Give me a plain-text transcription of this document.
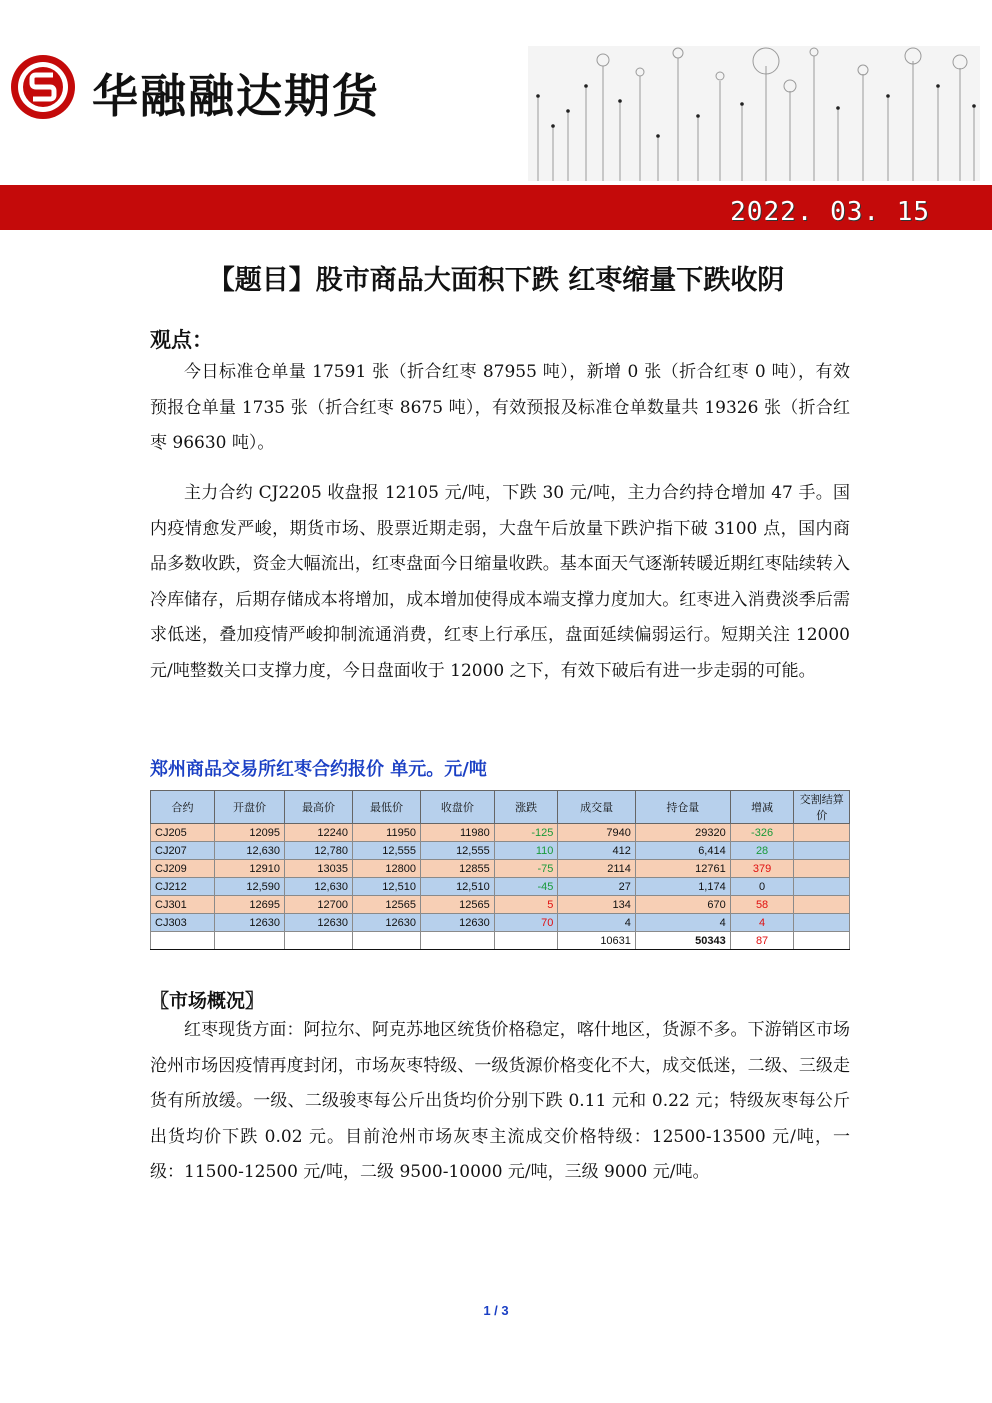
华融融达期货
2022. 03. 15
【题目】股市商品大面积下跌 红枣缩量下跌收阴
观点：

今日标准仓单量 17591 张（折合红枣 87955 吨），新增 0 张（折合红枣 0 吨），有效预报仓单量 1735 张（折合红枣 8675 吨），有效预报及标准仓单数量共 19326 张（折合红枣 96630 吨）。

主力合约 CJ2205 收盘报 12105 元/吨，下跌 30 元/吨，主力合约持仓增加 47 手。国内疫情愈发严峻，期货市场、股票近期走弱，大盘午后放量下跌沪指下破 3100 点，国内商品多数收跌，资金大幅流出，红枣盘面今日缩量收跌。基本面天气逐渐转暖近期红枣陆续转入冷库储存，后期存储成本将增加，成本增加使得成本端支撑力度加大。红枣进入消费淡季后需求低迷，叠加疫情严峻抑制流通消费，红枣上行承压，盘面延续偏弱运行。短期关注 12000 元/吨整数关口支撑力度，今日盘面收于 12000 之下，有效下破后有进一步走弱的可能。

郑州商品交易所红枣合约报价 单元。元/吨
合约	开盘价	最高价	最低价	收盘价	涨跌	成交量	持仓量	增减	交割结算价
CJ205	12095	12240	11950	11980	-125	7940	29320	-326	
CJ207	12,630	12,780	12,555	12,555	110	412	6,414	28	
CJ209	12910	13035	12800	12855	-75	2114	12761	379	
CJ212	12,590	12,630	12,510	12,510	-45	27	1,174	0	
CJ301	12695	12700	12565	12565	5	134	670	58	
CJ303	12630	12630	12630	12630	70	4	4	4	
						10631	50343	87	
〖市场概况〗

红枣现货方面：阿拉尔、阿克苏地区统货价格稳定，喀什地区，货源不多。下游销区市场沧州市场因疫情再度封闭，市场灰枣特级、一级货源价格变化不大，成交低迷，二级、三级走货有所放缓。一级、二级骏枣每公斤出货均价分别下跌 0.11 元和 0.22 元；特级灰枣每公斤出货均价下跌 0.02 元。目前沧州市场灰枣主流成交价格特级：12500-13500 元/吨，一级：11500-12500 元/吨，二级 9500-10000 元/吨，三级 9000 元/吨。

1 / 3
